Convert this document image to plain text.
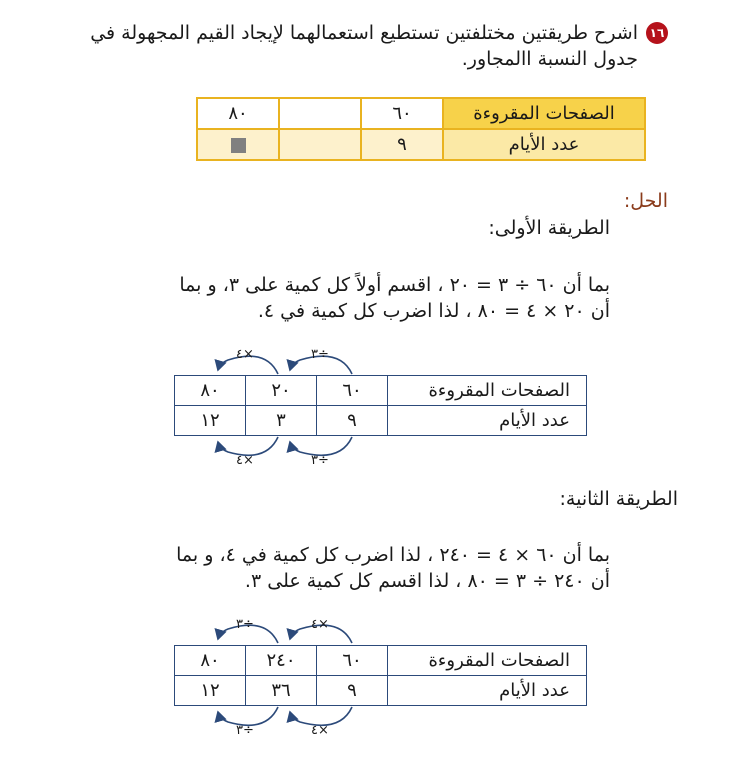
١٦
اشرح طريقتين مختلفتين تستطيع استعمالهما لإيجاد القيم المجهولة في جدول النسبة االمجاور.
الصفحات المقروءة	٦٠		٨٠
عدد الأيام	٩		
الحل:
الطريقة الأولى:
بما أن ٦٠ ÷ ٣ = ٢٠ ، اقسم أولاً كل كمية على ٣، و بما
أن ٢٠ × ٤ = ٨٠ ، لذا اضرب كل كمية في ٤.
الصفحات المقروءة	٦٠	٢٠	٨٠
عدد الأيام	٩	٣	١٢
الطريقة الثانية:
بما أن ٦٠ × ٤ = ٢٤٠ ، لذا اضرب كل كمية في ٤، و بما
أن ٢٤٠ ÷ ٣ = ٨٠ ، لذا اقسم كل كمية على ٣.
الصفحات المقروءة	٦٠	٢٤٠	٨٠
عدد الأيام	٩	٣٦	١٢
÷٣
×٤
÷٣
×٤
×٤
÷٣
×٤
÷٣
